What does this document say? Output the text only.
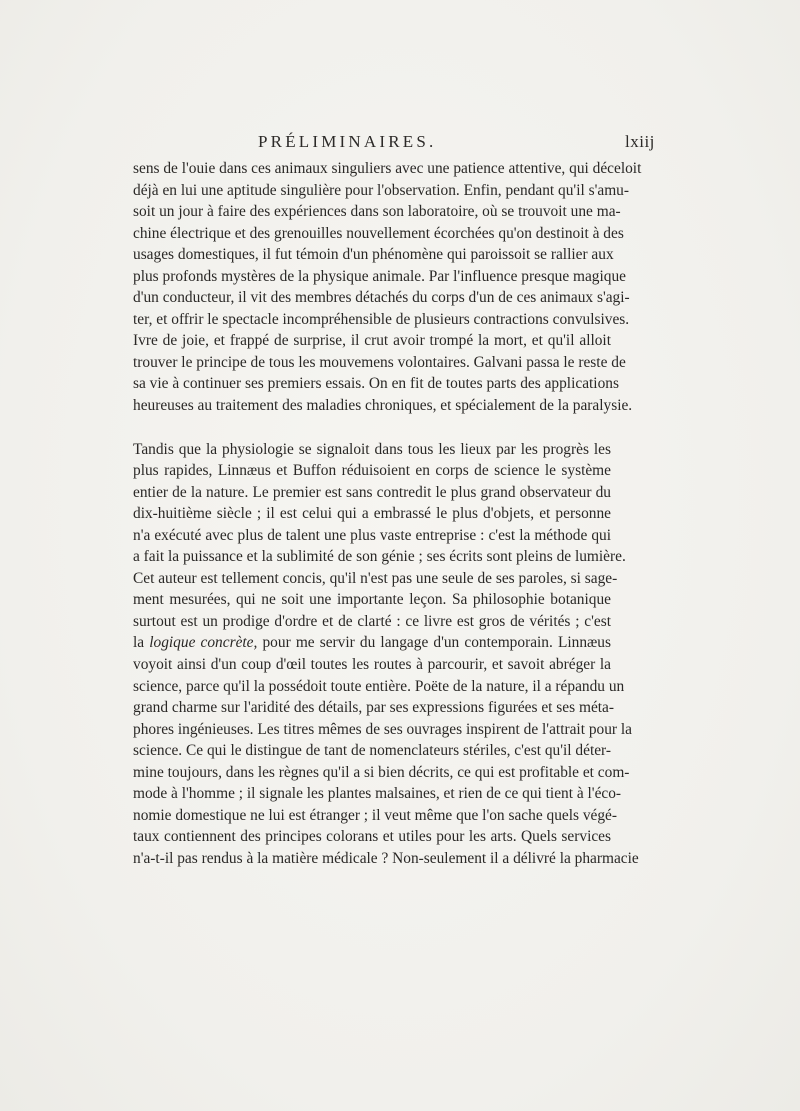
PRÉLIMINAIRES.	lxiij
sens de l'ouie dans ces animaux singuliers avec une patience attentive, qui déceloit
déjà en lui une aptitude singulière pour l'observation. Enfin, pendant qu'il s'amu-
soit un jour à faire des expériences dans son laboratoire, où se trouvoit une ma-
chine électrique et des grenouilles nouvellement écorchées qu'on destinoit à des
usages domestiques, il fut témoin d'un phénomène qui paroissoit se rallier aux
plus profonds mystères de la physique animale. Par l'influence presque magique
d'un conducteur, il vit des membres détachés du corps d'un de ces animaux s'agi-
ter, et offrir le spectacle incompréhensible de plusieurs contractions convulsives.
Ivre de joie, et frappé de surprise, il crut avoir trompé la mort, et qu'il alloit
trouver le principe de tous les mouvemens volontaires. Galvani passa le reste de
sa vie à continuer ses premiers essais. On en fit de toutes parts des applications
heureuses au traitement des maladies chroniques, et spécialement de la paralysie.
Tandis que la physiologie se signaloit dans tous les lieux par les progrès les
plus rapides, Linnæus et Buffon réduisoient en corps de science le système
entier de la nature. Le premier est sans contredit le plus grand observateur du
dix-huitième siècle ; il est celui qui a embrassé le plus d'objets, et personne
n'a exécuté avec plus de talent une plus vaste entreprise : c'est la méthode qui
a fait la puissance et la sublimité de son génie ; ses écrits sont pleins de lumière.
Cet auteur est tellement concis, qu'il n'est pas une seule de ses paroles, si sage-
ment mesurées, qui ne soit une importante leçon. Sa philosophie botanique
surtout est un prodige d'ordre et de clarté : ce livre est gros de vérités ; c'est
la logique concrète, pour me servir du langage d'un contemporain. Linnæus
voyoit ainsi d'un coup d'œil toutes les routes à parcourir, et savoit abréger la
science, parce qu'il la possédoit toute entière. Poëte de la nature, il a répandu un
grand charme sur l'aridité des détails, par ses expressions figurées et ses méta-
phores ingénieuses. Les titres mêmes de ses ouvrages inspirent de l'attrait pour la
science. Ce qui le distingue de tant de nomenclateurs stériles, c'est qu'il déter-
mine toujours, dans les règnes qu'il a si bien décrits, ce qui est profitable et com-
mode à l'homme ; il signale les plantes malsaines, et rien de ce qui tient à l'éco-
nomie domestique ne lui est étranger ; il veut même que l'on sache quels végé-
taux contiennent des principes colorans et utiles pour les arts. Quels services
n'a-t-il pas rendus à la matière médicale ? Non-seulement il a délivré la pharmacie
